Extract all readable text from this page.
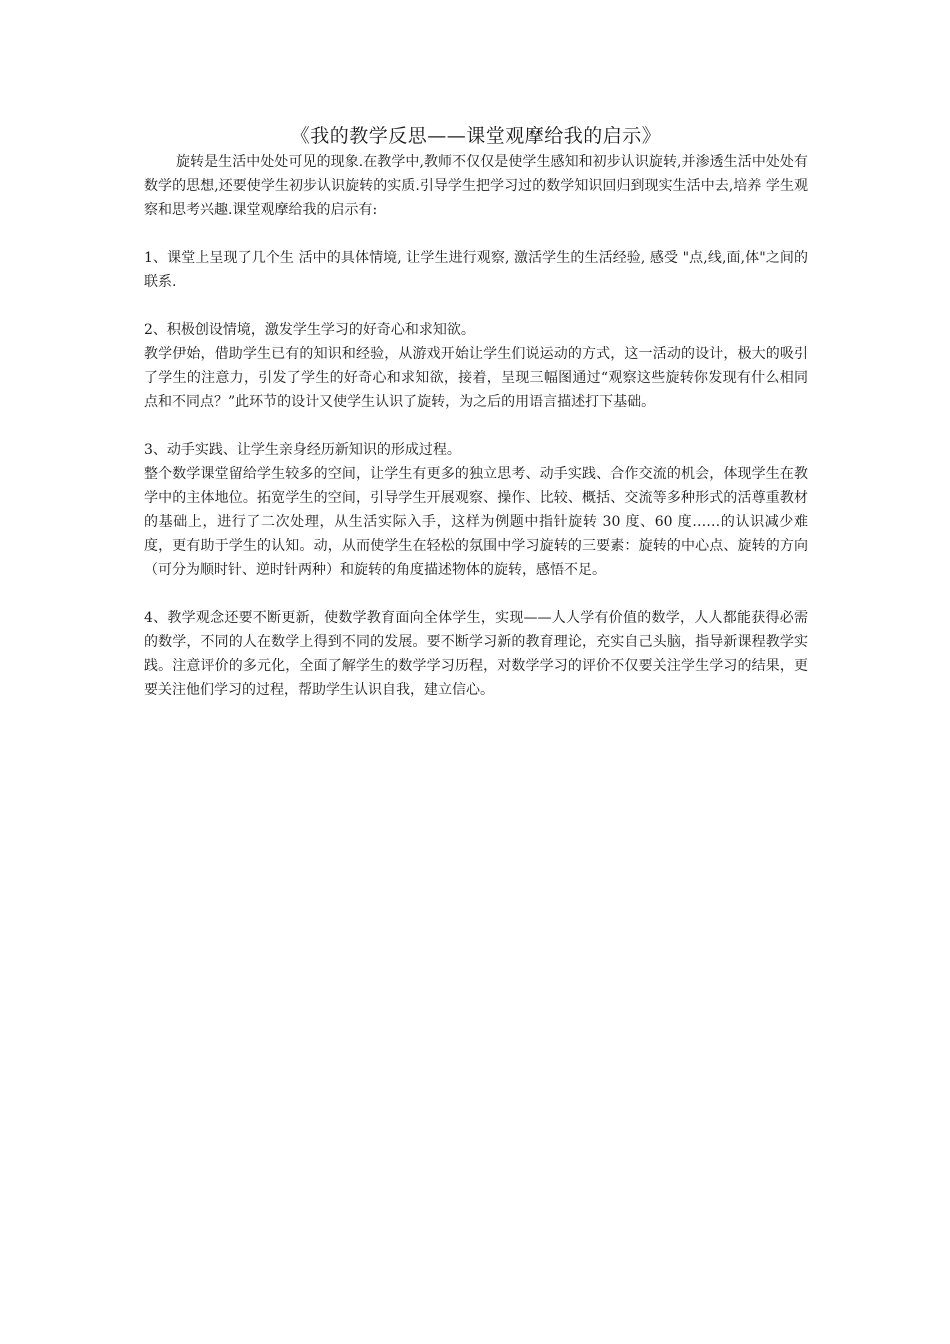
《我的教学反思——课堂观摩给我的启示》

旋转是生活中处处可见的现象.在教学中,教师不仅仅是使学生感知和初步认识旋转,并渗透生活中处处有数学的思想,还要使学生初步认识旋转的实质.引导学生把学习过的数学知识回归到现实生活中去,培养 学生观察和思考兴趣.课堂观摩给我的启示有:

1、课堂上呈现了几个生 活中的具体情境, 让学生进行观察, 激活学生的生活经验, 感受 "点,线,面,体"之间的联系.

2、积极创设情境，激发学生学习的好奇心和求知欲。

教学伊始，借助学生已有的知识和经验，从游戏开始让学生们说运动的方式，这一活动的设计，极大的吸引了学生的注意力，引发了学生的好奇心和求知欲，接着，呈现三幅图通过“观察这些旋转你发现有什么相同点和不同点？”此环节的设计又使学生认识了旋转，为之后的用语言描述打下基础。

3、动手实践、让学生亲身经历新知识的形成过程。

整个数学课堂留给学生较多的空间，让学生有更多的独立思考、动手实践、合作交流的机会，体现学生在教学中的主体地位。拓宽学生的空间，引导学生开展观察、操作、比较、概括、交流等多种形式的活尊重教材的基础上，进行了二次处理，从生活实际入手，这样为例题中指针旋转 30 度、60 度……的认识减少难度，更有助于学生的认知。动，从而使学生在轻松的氛围中学习旋转的三要素：旋转的中心点、旋转的方向（可分为顺时针、逆时针两种）和旋转的角度描述物体的旋转，感悟不足。

4、教学观念还要不断更新，使数学教育面向全体学生，实现——人人学有价值的数学，人人都能获得必需的数学，不同的人在数学上得到不同的发展。要不断学习新的教育理论，充实自己头脑，指导新课程教学实践。注意评价的多元化，全面了解学生的数学学习历程，对数学学习的评价不仅要关注学生学习的结果，更要关注他们学习的过程，帮助学生认识自我，建立信心。
